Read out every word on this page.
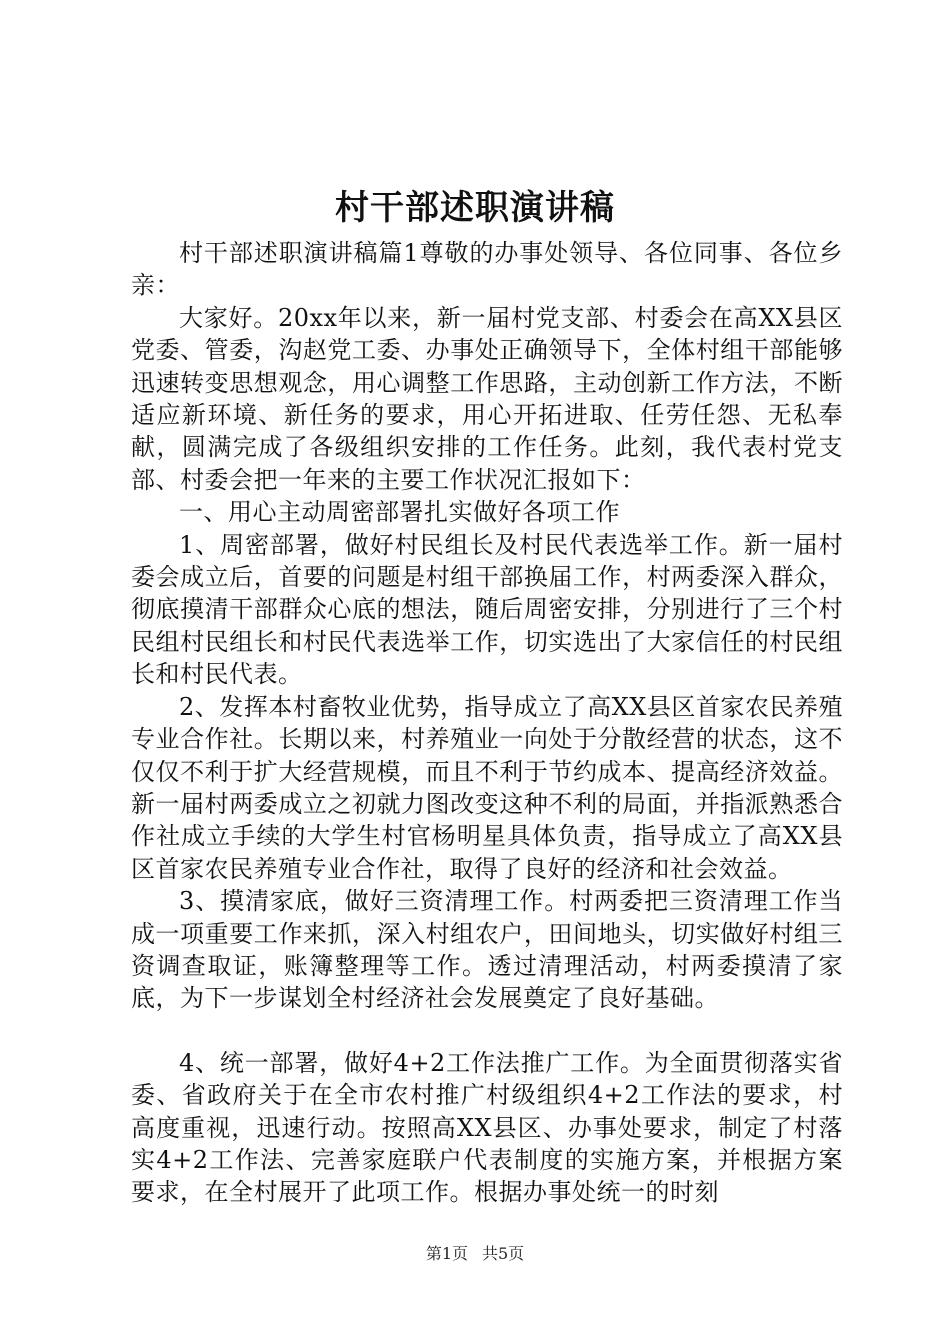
村干部述职演讲稿

村干部述职演讲稿篇1尊敬的办事处领导、各位同事、各位乡亲：

大家好。20xx年以来，新一届村党支部、村委会在高XX县区党委、管委，沟赵党工委、办事处正确领导下，全体村组干部能够迅速转变思想观念，用心调整工作思路，主动创新工作方法，不断适应新环境、新任务的要求，用心开拓进取、任劳任怨、无私奉献，圆满完成了各级组织安排的工作任务。此刻，我代表村党支部、村委会把一年来的主要工作状况汇报如下：

一、用心主动周密部署扎实做好各项工作

1、周密部署，做好村民组长及村民代表选举工作。新一届村委会成立后，首要的问题是村组干部换届工作，村两委深入群众，彻底摸清干部群众心底的想法，随后周密安排，分别进行了三个村民组村民组长和村民代表选举工作，切实选出了大家信任的村民组长和村民代表。

2、发挥本村畜牧业优势，指导成立了高XX县区首家农民养殖专业合作社。长期以来，村养殖业一向处于分散经营的状态，这不仅仅不利于扩大经营规模，而且不利于节约成本、提高经济效益。新一届村两委成立之初就力图改变这种不利的局面，并指派熟悉合作社成立手续的大学生村官杨明星具体负责，指导成立了高XX县区首家农民养殖专业合作社，取得了良好的经济和社会效益。

3、摸清家底，做好三资清理工作。村两委把三资清理工作当成一项重要工作来抓，深入村组农户，田间地头，切实做好村组三资调查取证，账簿整理等工作。透过清理活动，村两委摸清了家底，为下一步谋划全村经济社会发展奠定了良好基础。

4、统一部署，做好4+2工作法推广工作。为全面贯彻落实省委、省政府关于在全市农村推广村级组织4+2工作法的要求，村高度重视，迅速行动。按照高XX县区、办事处要求，制定了村落实4+2工作法、完善家庭联户代表制度的实施方案，并根据方案要求，在全村展开了此项工作。根据办事处统一的时刻

第1页 共5页
